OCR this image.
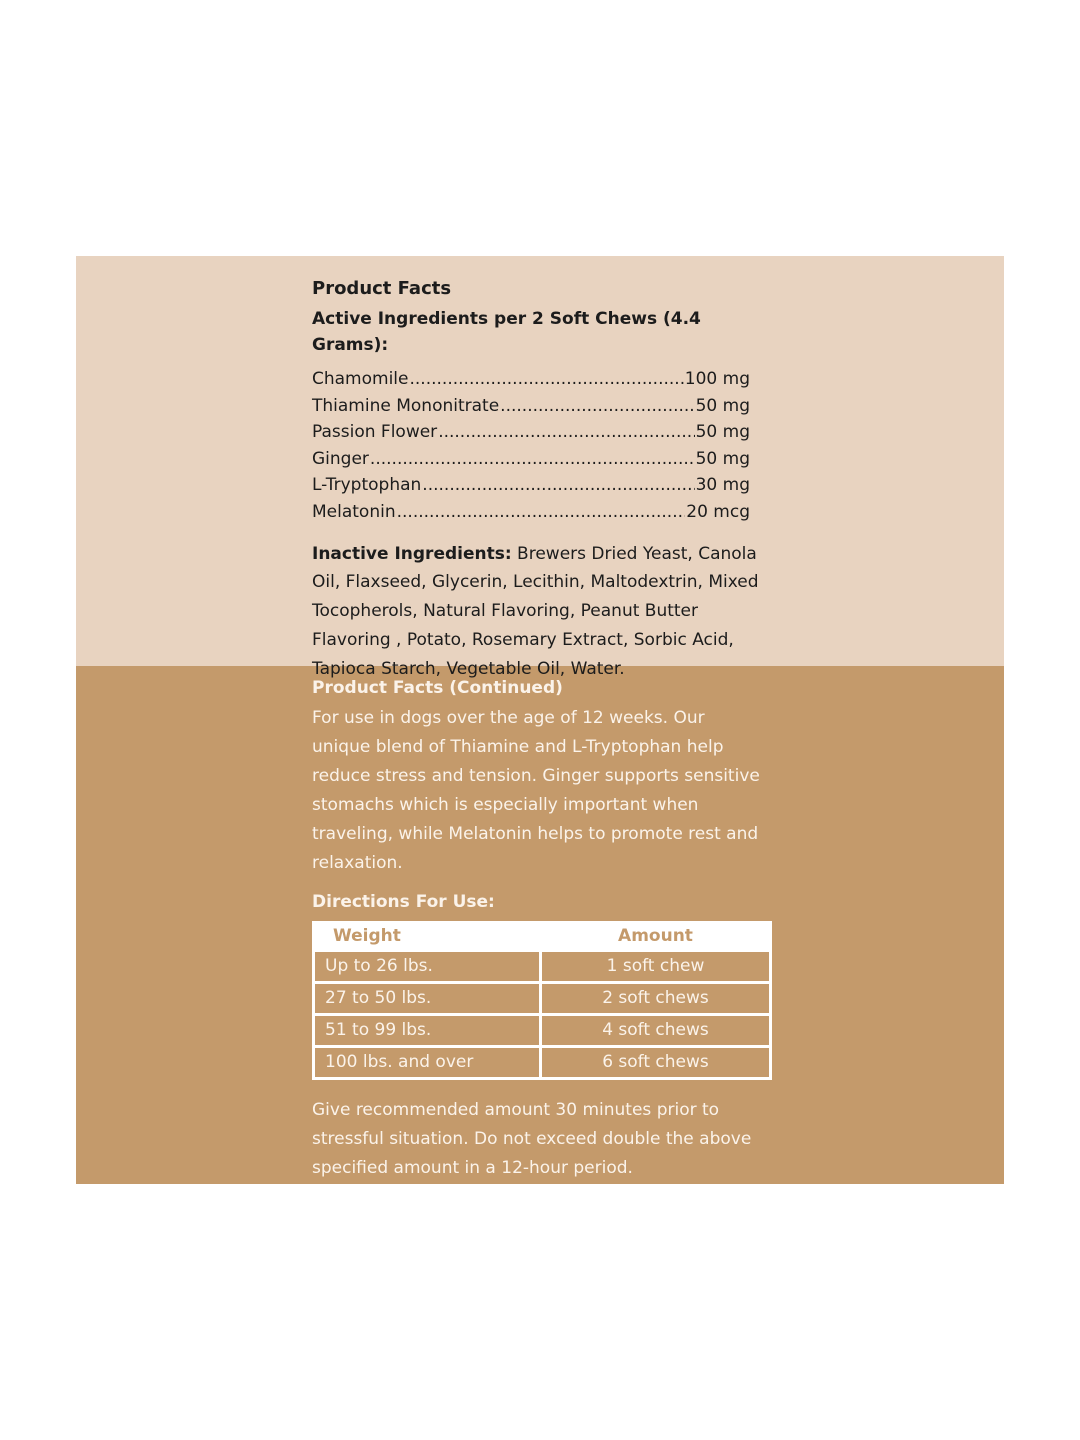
Product Facts

Active Ingredients per 2 Soft Chews (4.4 Grams):

Chamomile .....	100 mg
Thiamine Mononitrate .....	50 mg
Passion Flower .....	50 mg
Ginger .....	50 mg
L-Tryptophan .....	30 mg
Melatonin .....	20 mcg
Inactive Ingredients: Brewers Dried Yeast, Canola Oil, Flaxseed, Glycerin, Lecithin, Maltodextrin, Mixed Tocopherols, Natural Flavoring, Peanut Butter Flavoring , Potato, Rosemary Extract, Sorbic Acid, Tapioca Starch, Vegetable Oil, Water.

Product Facts (Continued)

For use in dogs over the age of 12 weeks. Our unique blend of Thiamine and L-Tryptophan help reduce stress and tension. Ginger supports sensitive stomachs which is especially important when traveling, while Melatonin helps to promote rest and relaxation.

Directions For Use:

Weight	Amount
Up to 26 lbs.	1 soft chew
27 to 50 lbs.	2 soft chews
51 to 99 lbs.	4 soft chews
100 lbs. and over	6 soft chews

Give recommended amount 30 minutes prior to stressful situation. Do not exceed double the above specified amount in a 12-hour period.
